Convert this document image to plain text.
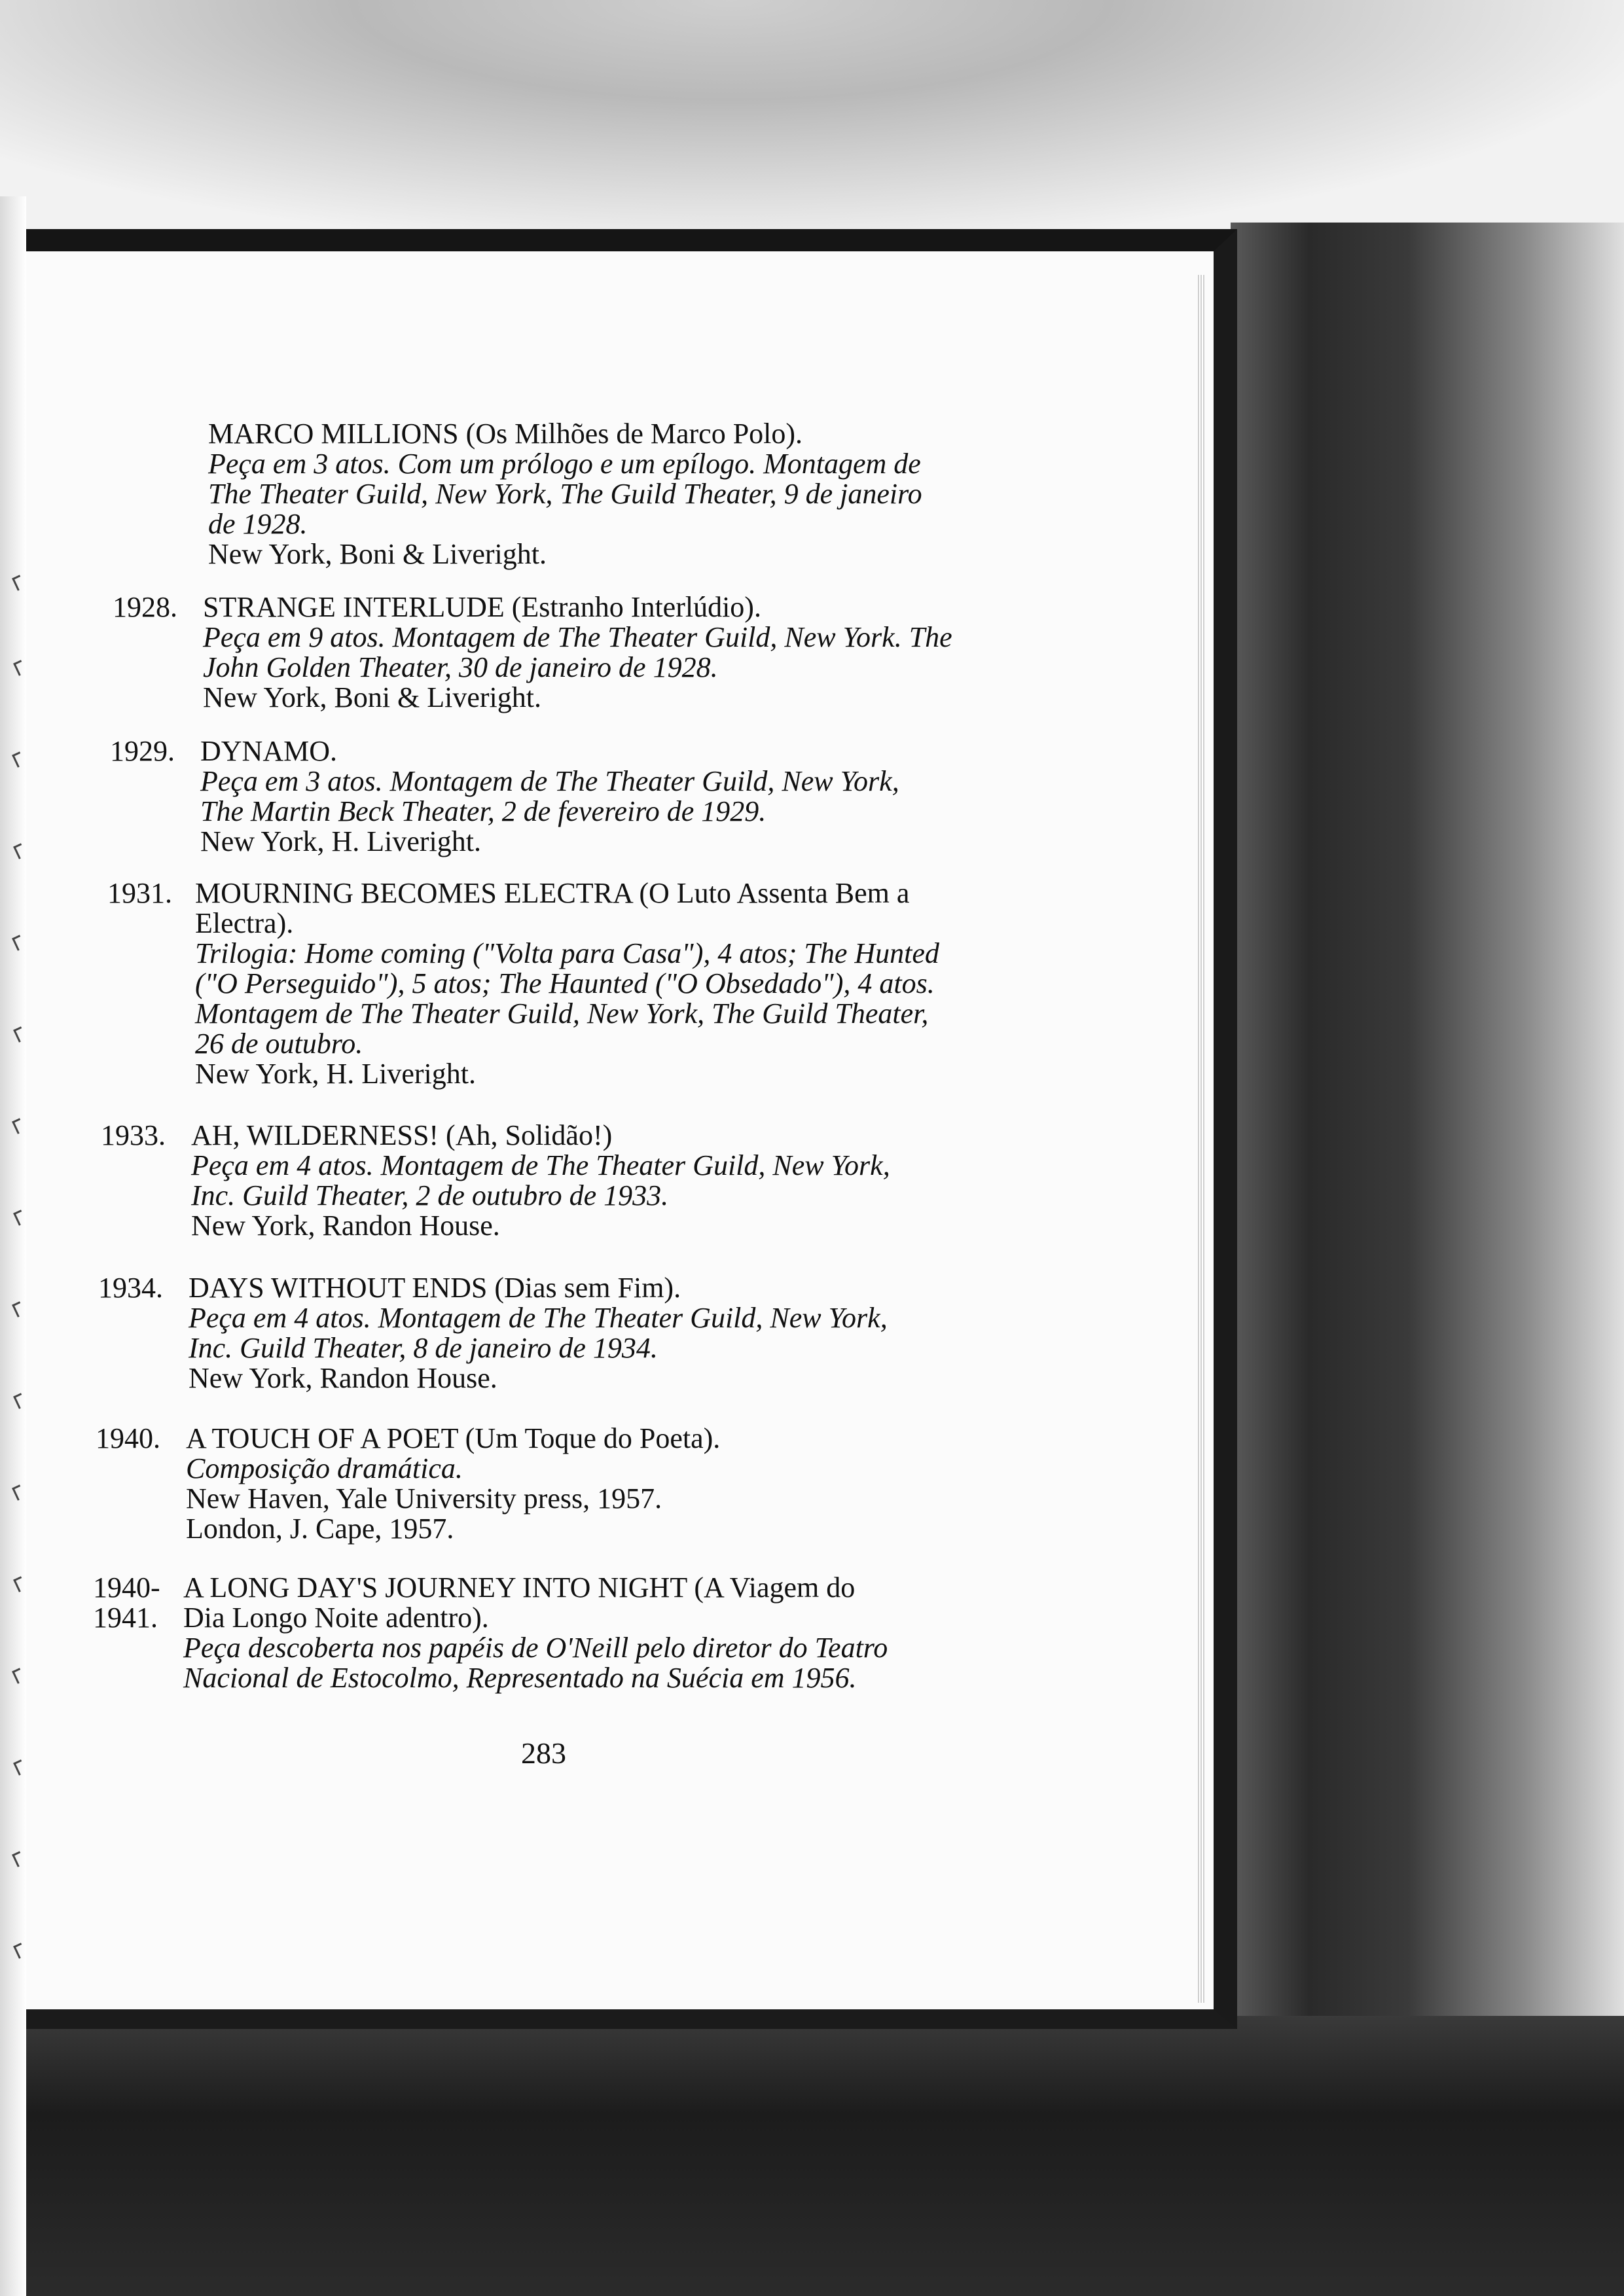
MARCO MILLIONS (Os Milhões de Marco Polo).
Peça em 3 atos. Com um prólogo e um epílogo. Montagem de
The Theater Guild, New York, The Guild Theater, 9 de janeiro
de 1928.
New York, Boni & Liveright.
1928. STRANGE INTERLUDE (Estranho Interlúdio).
Peça em 9 atos. Montagem de The Theater Guild, New York. The
John Golden Theater, 30 de janeiro de 1928.
New York, Boni & Liveright.
1929. DYNAMO.
Peça em 3 atos. Montagem de The Theater Guild, New York,
The Martin Beck Theater, 2 de fevereiro de 1929.
New York, H. Liveright.
1931. MOURNING BECOMES ELECTRA (O Luto Assenta Bem a
Electra).
Trilogia: Home coming ("Volta para Casa"), 4 atos; The Hunted
("O Perseguido"), 5 atos; The Haunted ("O Obsedado"), 4 atos.
Montagem de The Theater Guild, New York, The Guild Theater,
26 de outubro.
New York, H. Liveright.
1933. AH, WILDERNESS! (Ah, Solidão!)
Peça em 4 atos. Montagem de The Theater Guild, New York,
Inc. Guild Theater, 2 de outubro de 1933.
New York, Randon House.
1934. DAYS WITHOUT ENDS (Dias sem Fim).
Peça em 4 atos. Montagem de The Theater Guild, New York,
Inc. Guild Theater, 8 de janeiro de 1934.
New York, Randon House.
1940. A TOUCH OF A POET (Um Toque do Poeta).
Composição dramática.
New Haven, Yale University press, 1957.
London, J. Cape, 1957.
1940-
1941.
A LONG DAY'S JOURNEY INTO NIGHT (A Viagem do
Dia Longo Noite adentro).
Peça descoberta nos papéis de O'Neill pelo diretor do Teatro
Nacional de Estocolmo, Representado na Suécia em 1956.
283
